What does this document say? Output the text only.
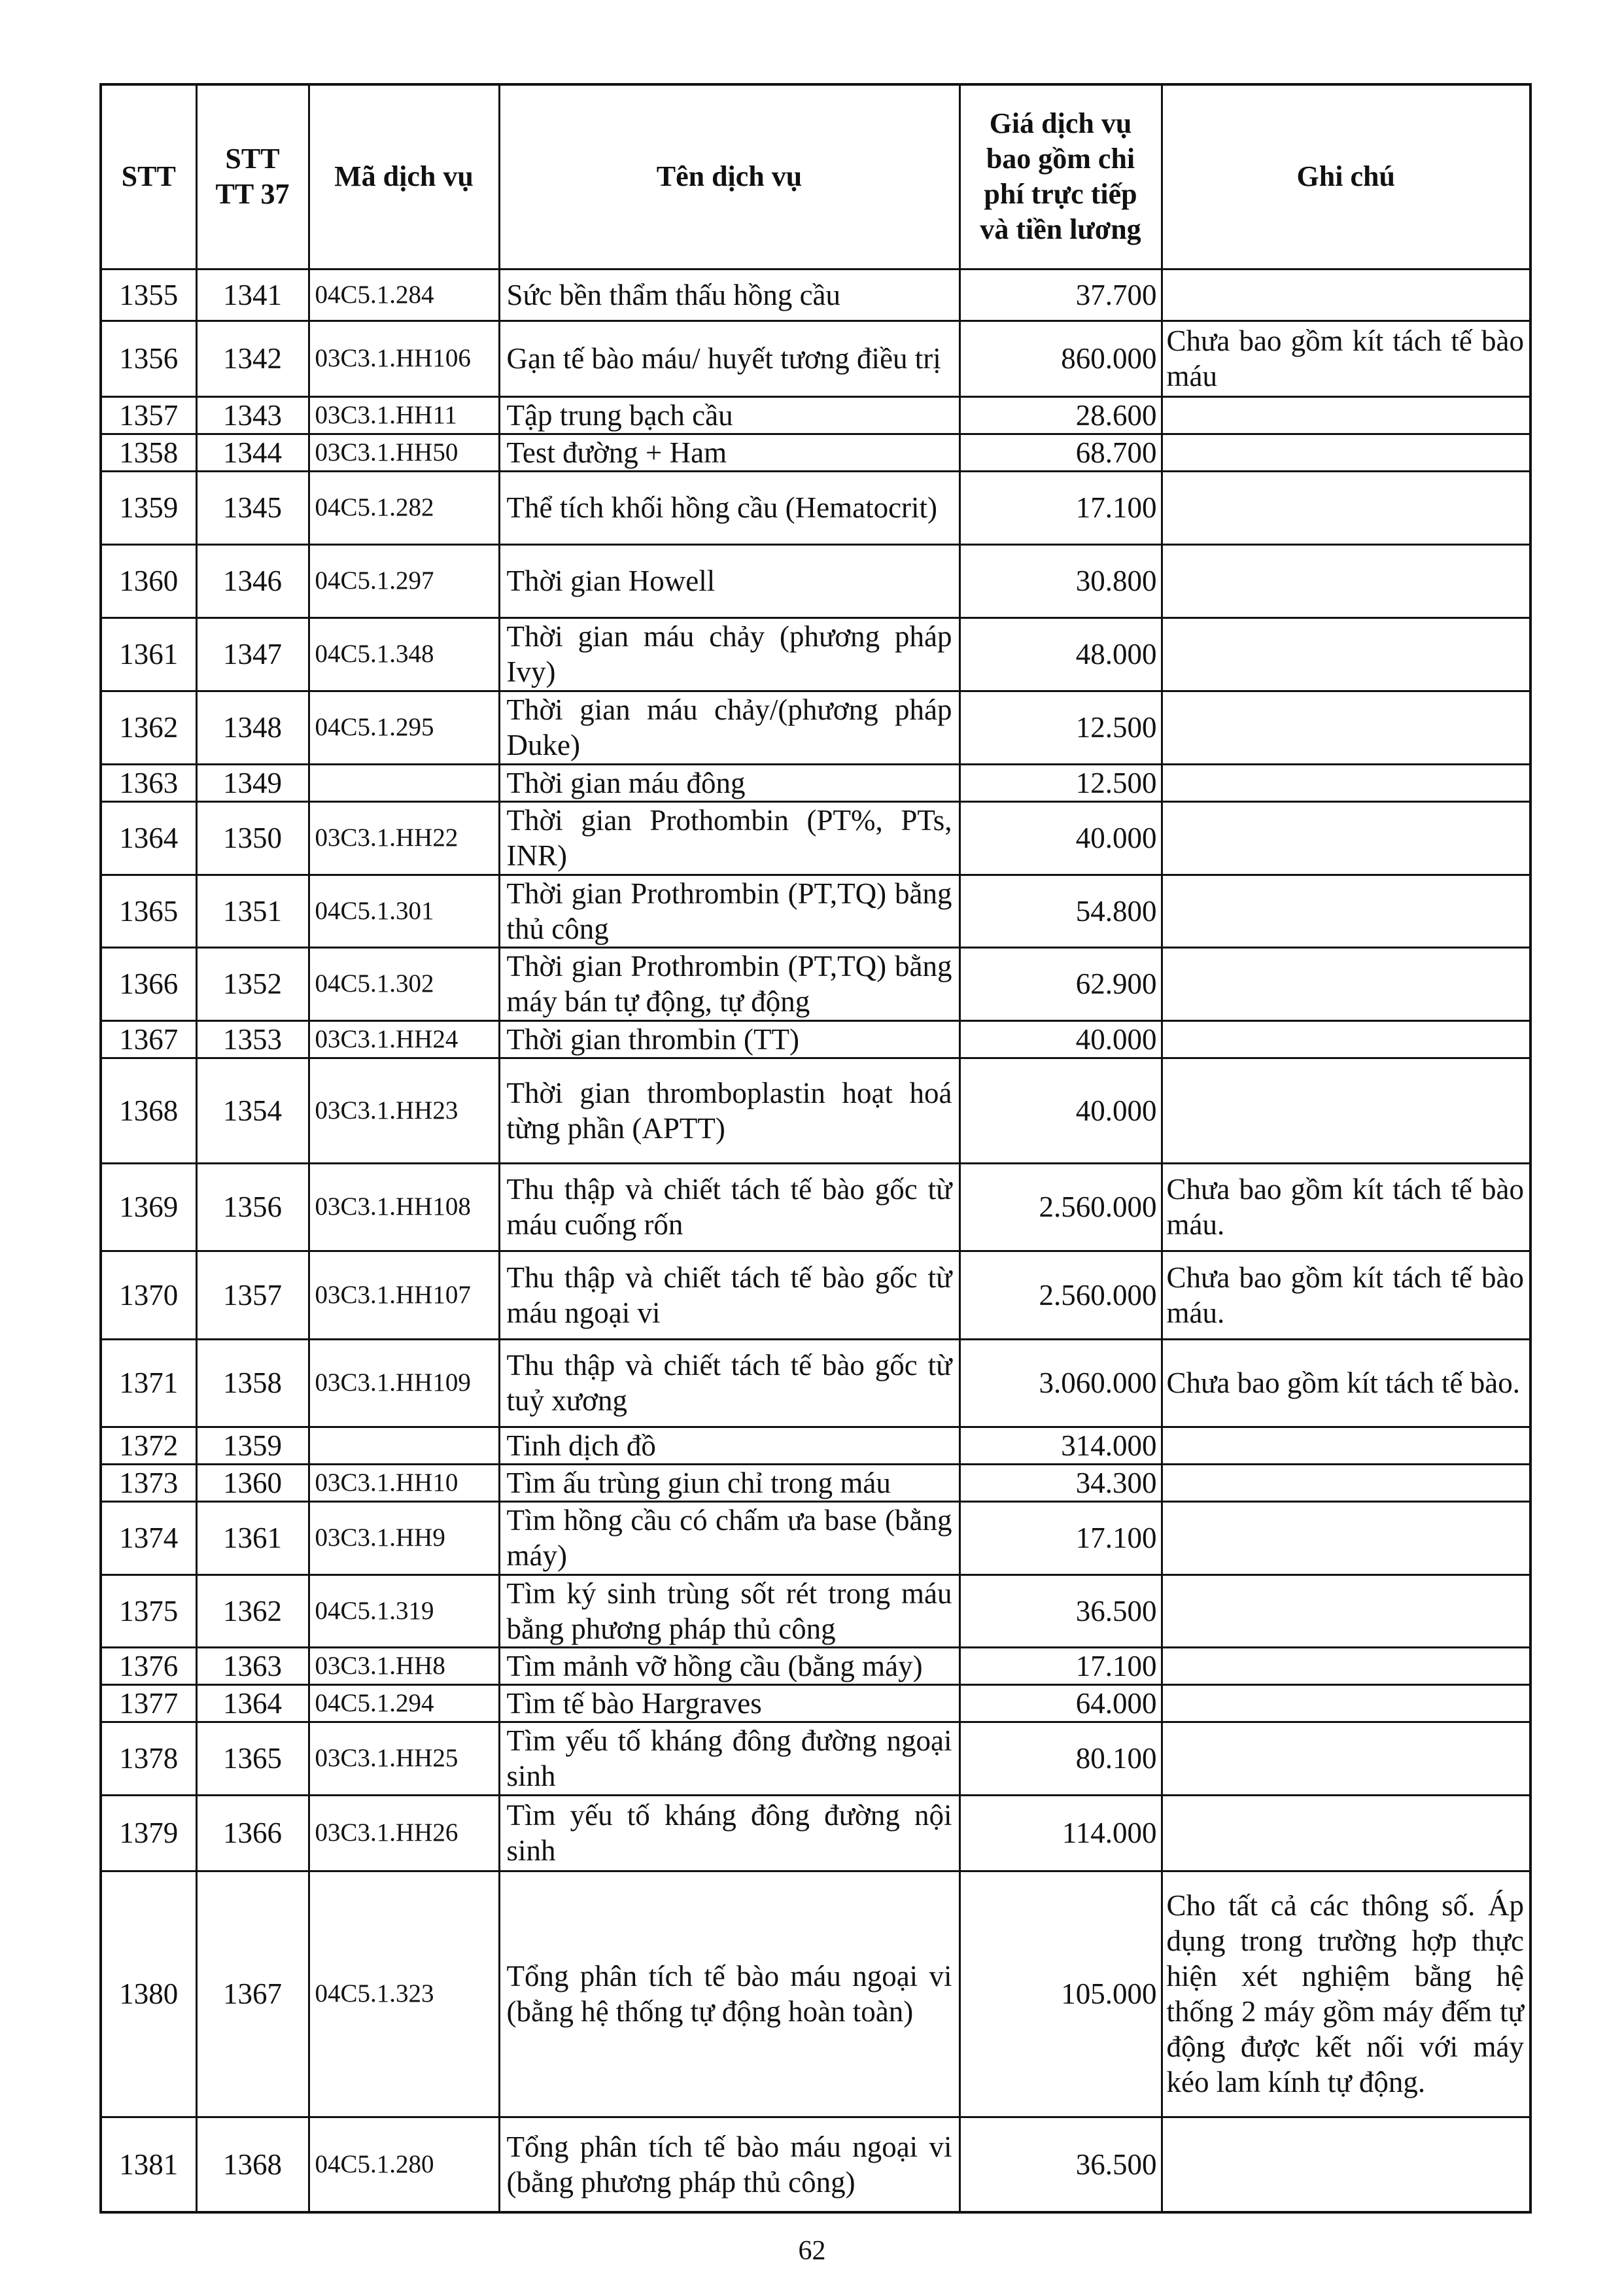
STT	STT TT 37	Mã dịch vụ	Tên dịch vụ	Giá dịch vụ bao gồm chi phí trực tiếp và tiền lương	Ghi chú
1355	1341	04C5.1.284	Sức bền thẩm thấu hồng cầu	37.700	
1356	1342	03C3.1.HH106	Gạn tế bào máu/ huyết tương điều trị	860.000	Chưa bao gồm kít tách tế bào máu
1357	1343	03C3.1.HH11	Tập trung bạch cầu	28.600	
1358	1344	03C3.1.HH50	Test đường + Ham	68.700	
1359	1345	04C5.1.282	Thể tích khối hồng cầu (Hematocrit)	17.100	
1360	1346	04C5.1.297	Thời gian Howell	30.800	
1361	1347	04C5.1.348	Thời gian máu chảy (phương pháp Ivy)	48.000	
1362	1348	04C5.1.295	Thời gian máu chảy/(phương pháp Duke)	12.500	
1363	1349		Thời gian máu đông	12.500	
1364	1350	03C3.1.HH22	Thời gian Prothombin (PT%, PTs, INR)	40.000	
1365	1351	04C5.1.301	Thời gian Prothrombin (PT,TQ) bằng thủ công	54.800	
1366	1352	04C5.1.302	Thời gian Prothrombin (PT,TQ) bằng máy bán tự động, tự động	62.900	
1367	1353	03C3.1.HH24	Thời gian thrombin (TT)	40.000	
1368	1354	03C3.1.HH23	Thời gian thromboplastin hoạt hoá từng phần (APTT)	40.000	
1369	1356	03C3.1.HH108	Thu thập và chiết tách tế bào gốc từ máu cuống rốn	2.560.000	Chưa bao gồm kít tách tế bào máu.
1370	1357	03C3.1.HH107	Thu thập và chiết tách tế bào gốc từ máu ngoại vi	2.560.000	Chưa bao gồm kít tách tế bào máu.
1371	1358	03C3.1.HH109	Thu thập và chiết tách tế bào gốc từ tuỷ xương	3.060.000	Chưa bao gồm kít tách tế bào.
1372	1359		Tinh dịch đồ	314.000	
1373	1360	03C3.1.HH10	Tìm ấu trùng giun chỉ trong máu	34.300	
1374	1361	03C3.1.HH9	Tìm hồng cầu có chấm ưa base (bằng máy)	17.100	
1375	1362	04C5.1.319	Tìm ký sinh trùng sốt rét trong máu bằng phương pháp thủ công	36.500	
1376	1363	03C3.1.HH8	Tìm mảnh vỡ hồng cầu (bằng máy)	17.100	
1377	1364	04C5.1.294	Tìm tế bào Hargraves	64.000	
1378	1365	03C3.1.HH25	Tìm yếu tố kháng đông đường ngoại sinh	80.100	
1379	1366	03C3.1.HH26	Tìm yếu tố kháng đông đường nội sinh	114.000	
1380	1367	04C5.1.323	Tổng phân tích tế bào máu ngoại vi (bằng hệ thống tự động hoàn toàn)	105.000	Cho tất cả các thông số. Áp dụng trong trường hợp thực hiện xét nghiệm bằng hệ thống 2 máy gồm máy đếm tự động được kết nối với máy kéo lam kính tự động.
1381	1368	04C5.1.280	Tổng phân tích tế bào máu ngoại vi (bằng phương pháp thủ công)	36.500	
62
